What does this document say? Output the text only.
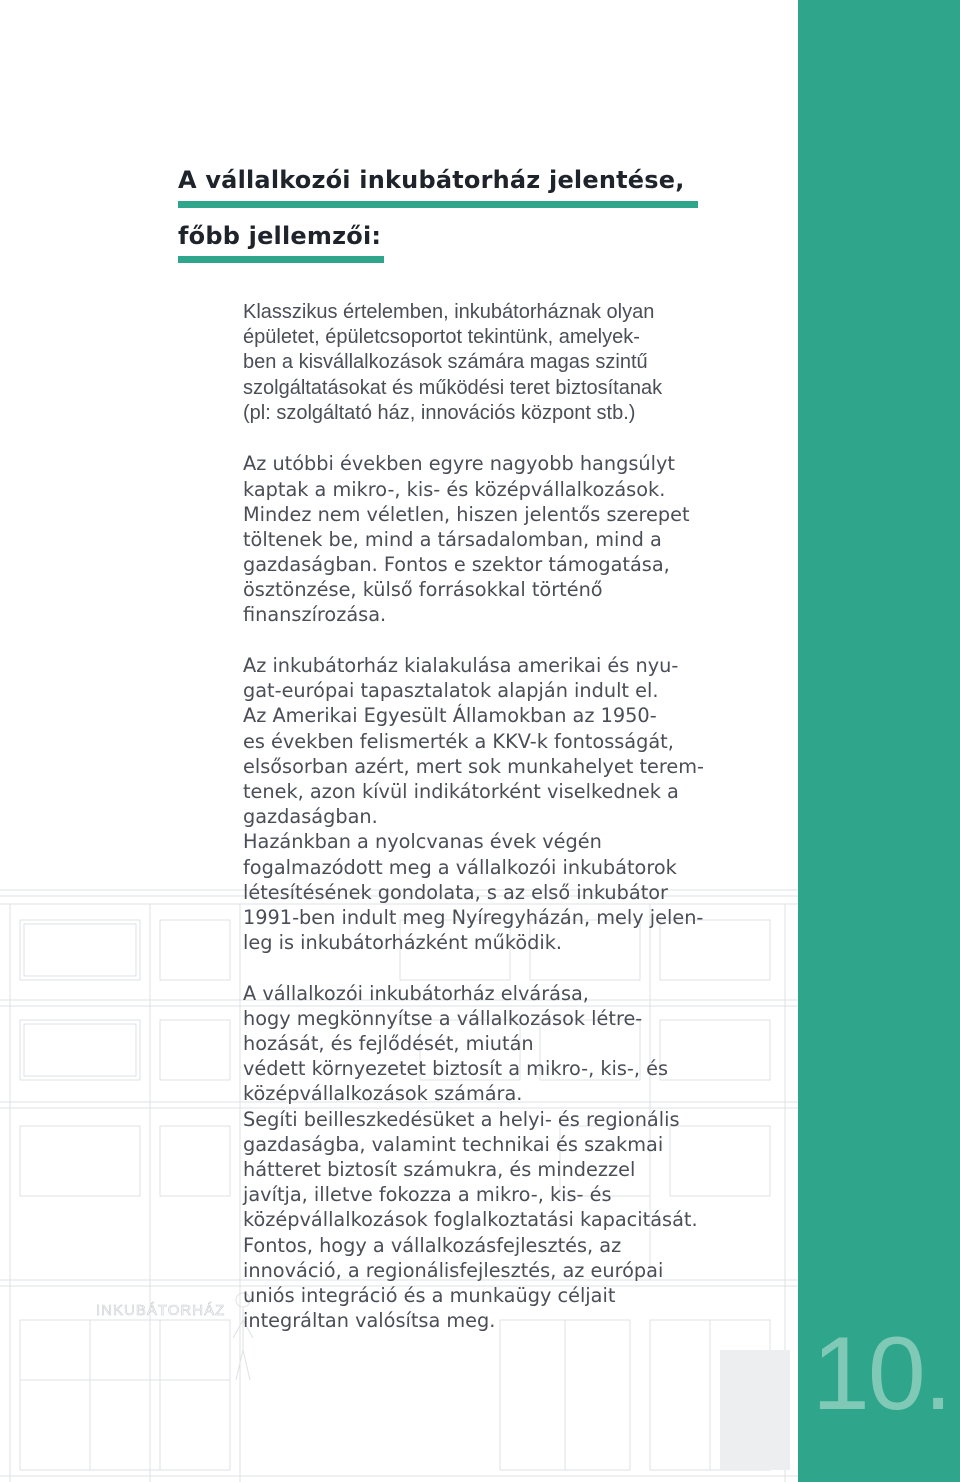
INKUBÁTORHÁZ
10.
A vállalkozói inkubátorház jelentése,
főbb jellemzői:

Klasszikus értelemben, inkubátorháznak olyan
épületet, épületcsoportot tekintünk, amelyek-
ben a kisvállalkozások számára magas szintű
szolgáltatásokat és működési teret biztosítanak
(pl: szolgáltató ház, innovációs központ stb.)

Az utóbbi években egyre nagyobb hangsúlyt
kaptak a mikro-, kis- és középvállalkozások.
Mindez nem véletlen, hiszen jelentős szerepet
töltenek be, mind a társadalomban, mind a
gazdaságban. Fontos e szektor támogatása,
ösztönzése, külső forrásokkal történő
finanszírozása.

Az inkubátorház kialakulása amerikai és nyu-
gat-európai tapasztalatok alapján indult el.
Az Amerikai Egyesült Államokban az 1950-
es években felismerték a KKV-k fontosságát,
elsősorban azért, mert sok munkahelyet terem-
tenek, azon kívül indikátorként viselkednek a
gazdaságban.
Hazánkban a nyolcvanas évek végén
fogalmazódott meg a vállalkozói inkubátorok
létesítésének gondolata, s az első inkubátor
1991-ben indult meg Nyíregyházán, mely jelen-
leg is inkubátorházként működik.

A vállalkozói inkubátorház elvárása,
hogy megkönnyítse a vállalkozások létre-
hozását, és fejlődését, miután
védett környezetet biztosít a mikro-, kis-, és
középvállalkozások számára.
Segíti beilleszkedésüket a helyi- és regionális
gazdaságba, valamint technikai és szakmai
hátteret biztosít számukra, és mindezzel
javítja, illetve fokozza a mikro-, kis- és
középvállalkozások foglalkoztatási kapacitását.
Fontos, hogy a vállalkozásfejlesztés, az
innováció, a regionálisfejlesztés, az európai
uniós integráció és a munkaügy céljait
integráltan valósítsa meg.
